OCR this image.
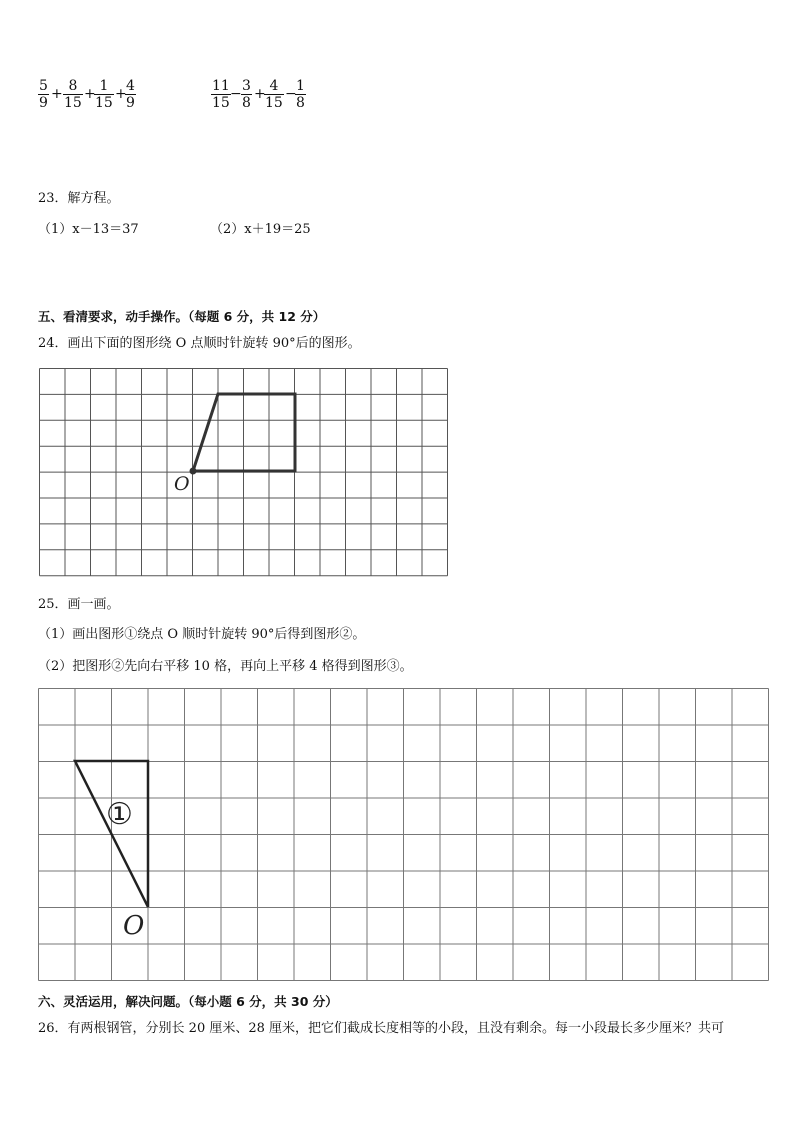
$\frac{5}{9} + \frac{8}{15}$ +
$\frac{1}{15}$ +
$\frac{4}{9}$	$\frac{11}{15} - \frac{3}{8}$ +
$\frac{4}{15}$ −
$\frac{1}{8}$
23．解方程。
（1）x－13＝37	（2）x＋19＝25
五、看清要求，动手操作。（每题 6 分，共 12 分）
24．画出下面的图形绕 O 点顺时针旋转 90°后的图形。
O
①
O
25．画一画。
（1）画出图形①绕点 O 顺时针旋转 90°后得到图形②。
（2）把图形②先向右平移 10 格，再向上平移 4 格得到图形③。
六、灵活运用，解决问题。（每小题 6 分，共 30 分）
26．有两根钢管，分别长 20 厘米、28 厘米，把它们截成长度相等的小段，且没有剩余。每一小段最长多少厘米？共可
